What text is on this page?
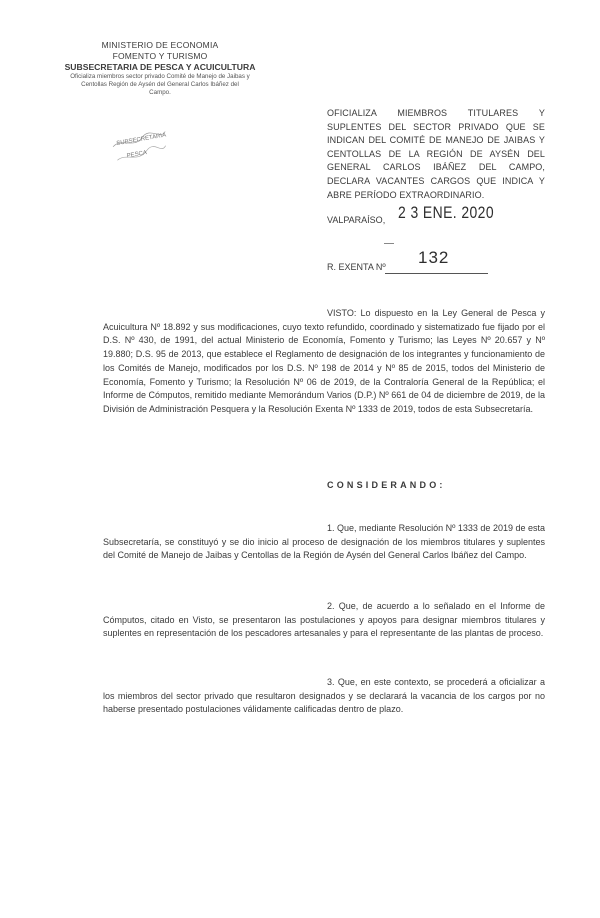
MINISTERIO DE ECONOMIA
FOMENTO Y TURISMO
SUBSECRETARIA DE PESCA Y ACUICULTURA
Oficializa miembros sector privado Comité de Manejo de Jaibas y
Centollas Región de Aysén del General Carlos Ibáñez del
Campo.
SUBSECRETARIA
PESCA
OFICIALIZA MIEMBROS TITULARES Y SUPLENTES DEL SECTOR PRIVADO QUE SE INDICAN DEL COMITÉ DE MANEJO DE JAIBAS Y CENTOLLAS DE LA REGIÓN DE AYSÉN DEL GENERAL CARLOS IBÁÑEZ DEL CAMPO, DECLARA VACANTES CARGOS QUE INDICA Y ABRE PERÍODO EXTRAORDINARIO.
VALPARAÍSO, 2 3 ENE. 2020
R. EXENTA Nº 132
VISTO: Lo dispuesto en la Ley General de Pesca y Acuicultura Nº 18.892 y sus modificaciones, cuyo texto refundido, coordinado y sistematizado fue fijado por el D.S. Nº 430, de 1991, del actual Ministerio de Economía, Fomento y Turismo; las Leyes Nº 20.657 y Nº 19.880; D.S. 95 de 2013, que establece el Reglamento de designación de los integrantes y funcionamiento de los Comités de Manejo, modificados por los D.S. Nº 198 de 2014 y Nº 85 de 2015, todos del Ministerio de Economía, Fomento y Turismo; la Resolución Nº 06 de 2019, de la Contraloría General de la República; el Informe de Cómputos, remitido mediante Memorándum Varios (D.P.) Nº 661 de 04 de diciembre de 2019, de la División de Administración Pesquera y la Resolución Exenta Nº 1333 de 2019, todos de esta Subsecretaría.
CONSIDERANDO:
1. Que, mediante Resolución Nº 1333 de 2019 de esta Subsecretaría, se constituyó y se dio inicio al proceso de designación de los miembros titulares y suplentes del Comité de Manejo de Jaibas y Centollas de la Región de Aysén del General Carlos Ibáñez del Campo.
2. Que, de acuerdo a lo señalado en el Informe de Cómputos, citado en Visto, se presentaron las postulaciones y apoyos para designar miembros titulares y suplentes en representación de los pescadores artesanales y para el representante de las plantas de proceso.
3. Que, en este contexto, se procederá a oficializar a los miembros del sector privado que resultaron designados y se declarará la vacancia de los cargos por no haberse presentado postulaciones válidamente calificadas dentro de plazo.
